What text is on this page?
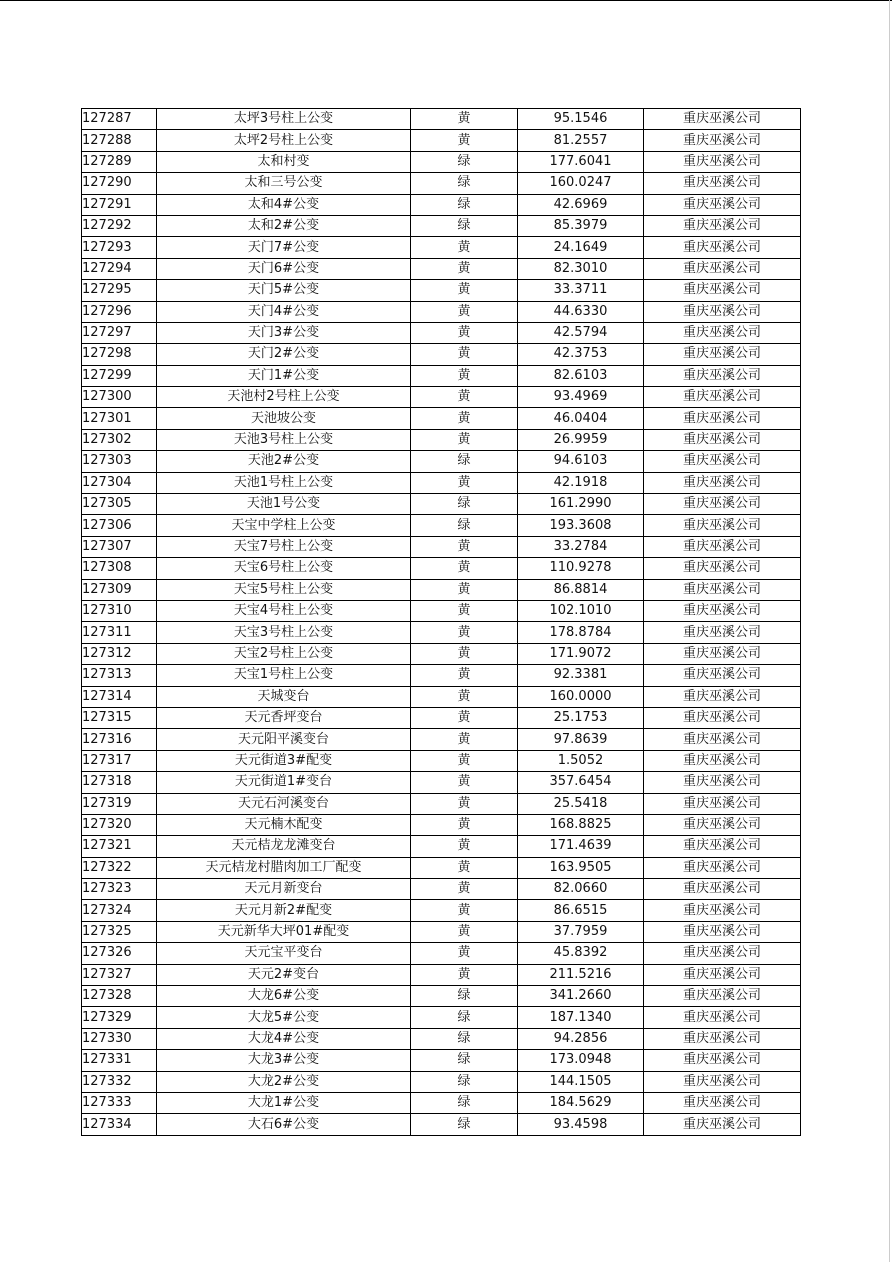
127287	太坪3号柱上公变	黄	95.1546	重庆巫溪公司
127288	太坪2号柱上公变	黄	81.2557	重庆巫溪公司
127289	太和村变	绿	177.6041	重庆巫溪公司
127290	太和三号公变	绿	160.0247	重庆巫溪公司
127291	太和4#公变	绿	42.6969	重庆巫溪公司
127292	太和2#公变	绿	85.3979	重庆巫溪公司
127293	天门7#公变	黄	24.1649	重庆巫溪公司
127294	天门6#公变	黄	82.3010	重庆巫溪公司
127295	天门5#公变	黄	33.3711	重庆巫溪公司
127296	天门4#公变	黄	44.6330	重庆巫溪公司
127297	天门3#公变	黄	42.5794	重庆巫溪公司
127298	天门2#公变	黄	42.3753	重庆巫溪公司
127299	天门1#公变	黄	82.6103	重庆巫溪公司
127300	天池村2号柱上公变	黄	93.4969	重庆巫溪公司
127301	天池坡公变	黄	46.0404	重庆巫溪公司
127302	天池3号柱上公变	黄	26.9959	重庆巫溪公司
127303	天池2#公变	绿	94.6103	重庆巫溪公司
127304	天池1号柱上公变	黄	42.1918	重庆巫溪公司
127305	天池1号公变	绿	161.2990	重庆巫溪公司
127306	天宝中学柱上公变	绿	193.3608	重庆巫溪公司
127307	天宝7号柱上公变	黄	33.2784	重庆巫溪公司
127308	天宝6号柱上公变	黄	110.9278	重庆巫溪公司
127309	天宝5号柱上公变	黄	86.8814	重庆巫溪公司
127310	天宝4号柱上公变	黄	102.1010	重庆巫溪公司
127311	天宝3号柱上公变	黄	178.8784	重庆巫溪公司
127312	天宝2号柱上公变	黄	171.9072	重庆巫溪公司
127313	天宝1号柱上公变	黄	92.3381	重庆巫溪公司
127314	天城变台	黄	160.0000	重庆巫溪公司
127315	天元香坪变台	黄	25.1753	重庆巫溪公司
127316	天元阳平溪变台	黄	97.8639	重庆巫溪公司
127317	天元街道3#配变	黄	1.5052	重庆巫溪公司
127318	天元街道1#变台	黄	357.6454	重庆巫溪公司
127319	天元石河溪变台	黄	25.5418	重庆巫溪公司
127320	天元楠木配变	黄	168.8825	重庆巫溪公司
127321	天元桔龙龙滩变台	黄	171.4639	重庆巫溪公司
127322	天元桔龙村腊肉加工厂配变	黄	163.9505	重庆巫溪公司
127323	天元月新变台	黄	82.0660	重庆巫溪公司
127324	天元月新2#配变	黄	86.6515	重庆巫溪公司
127325	天元新华大坪01#配变	黄	37.7959	重庆巫溪公司
127326	天元宝平变台	黄	45.8392	重庆巫溪公司
127327	天元2#变台	黄	211.5216	重庆巫溪公司
127328	大龙6#公变	绿	341.2660	重庆巫溪公司
127329	大龙5#公变	绿	187.1340	重庆巫溪公司
127330	大龙4#公变	绿	94.2856	重庆巫溪公司
127331	大龙3#公变	绿	173.0948	重庆巫溪公司
127332	大龙2#公变	绿	144.1505	重庆巫溪公司
127333	大龙1#公变	绿	184.5629	重庆巫溪公司
127334	大石6#公变	绿	93.4598	重庆巫溪公司
